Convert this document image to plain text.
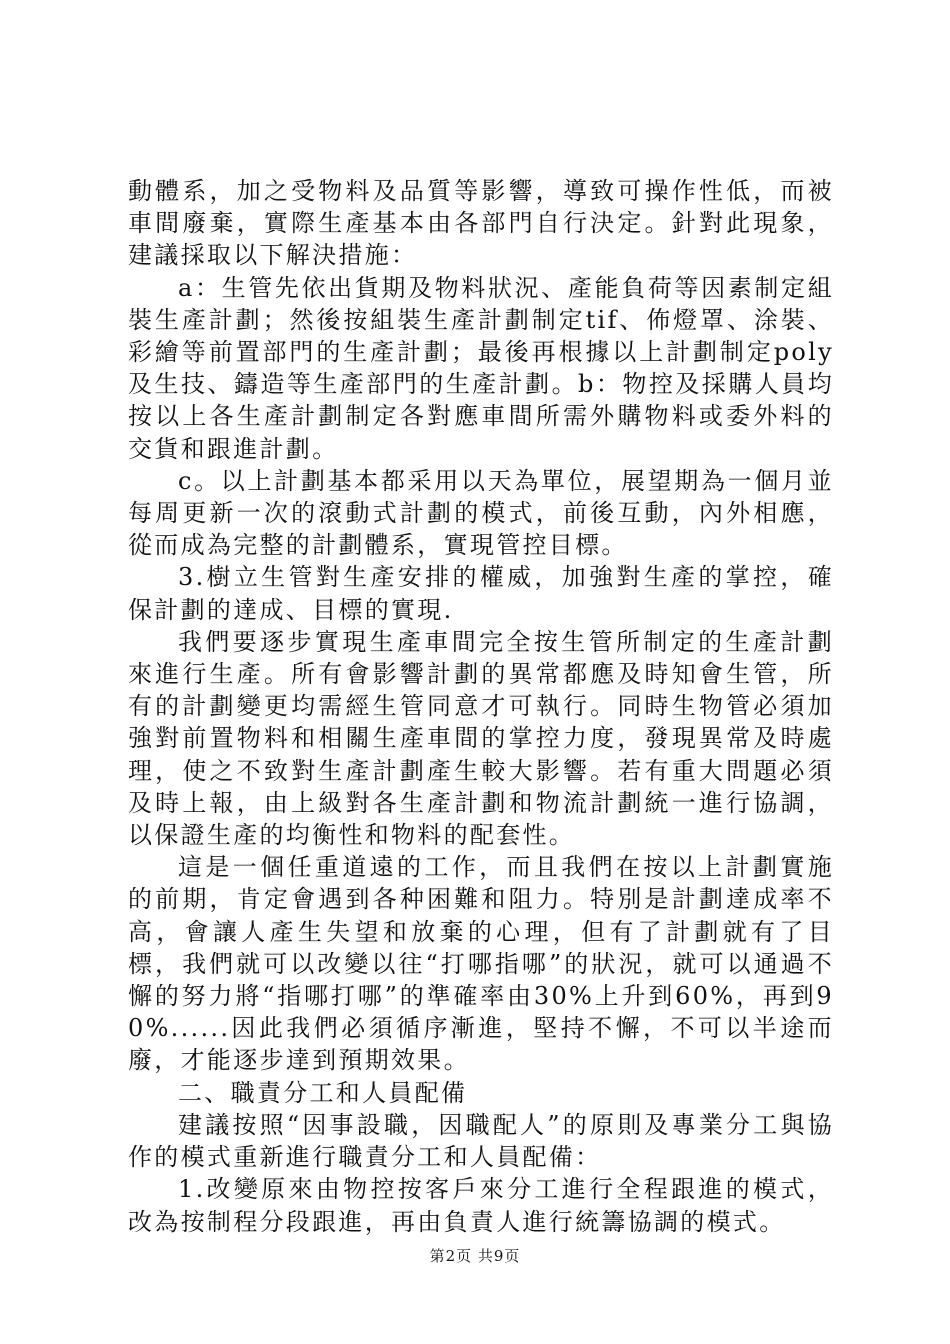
動體系，加之受物料及品質等影響，導致可操作性低，而被車間廢棄，實際生產基本由各部門自行決定。針對此現象，建議採取以下解決措施：

a：生管先依出貨期及物料狀況、產能負荷等因素制定組裝生產計劃；然後按組裝生產計劃制定tif、佈燈罩、涂裝、彩繪等前置部門的生產計劃；最後再根據以上計劃制定poly及生技、鑄造等生產部門的生產計劃。b：物控及採購人員均按以上各生產計劃制定各對應車間所需外購物料或委外料的交貨和跟進計劃。

c。以上計劃基本都采用以天為單位，展望期為一個月並每周更新一次的滾動式計劃的模式，前後互動，內外相應，從而成為完整的計劃體系，實現管控目標。

3.樹立生管對生產安排的權威，加強對生產的掌控，確保計劃的達成、目標的實現.

我們要逐步實現生產車間完全按生管所制定的生產計劃來進行生產。所有會影響計劃的異常都應及時知會生管，所有的計劃變更均需經生管同意才可執行。同時生物管必須加強對前置物料和相關生產車間的掌控力度，發現異常及時處理，使之不致對生產計劃產生較大影響。若有重大問題必須及時上報，由上級對各生產計劃和物流計劃統一進行協調，以保證生產的均衡性和物料的配套性。

這是一個任重道遠的工作，而且我們在按以上計劃實施的前期，肯定會遇到各种困難和阻力。特別是計劃達成率不高，會讓人產生失望和放棄的心理，但有了計劃就有了目標，我們就可以改變以往“打哪指哪”的狀況，就可以通過不懈的努力將“指哪打哪”的準確率由30%上升到60%，再到90%......因此我們必須循序漸進，堅持不懈，不可以半途而廢，才能逐步達到預期效果。

二、職責分工和人員配備

建議按照“因事設職，因職配人”的原則及專業分工與協作的模式重新進行職責分工和人員配備：

1.改變原來由物控按客戶來分工進行全程跟進的模式，改為按制程分段跟進，再由負責人進行統籌協調的模式。

第2页 共9页
